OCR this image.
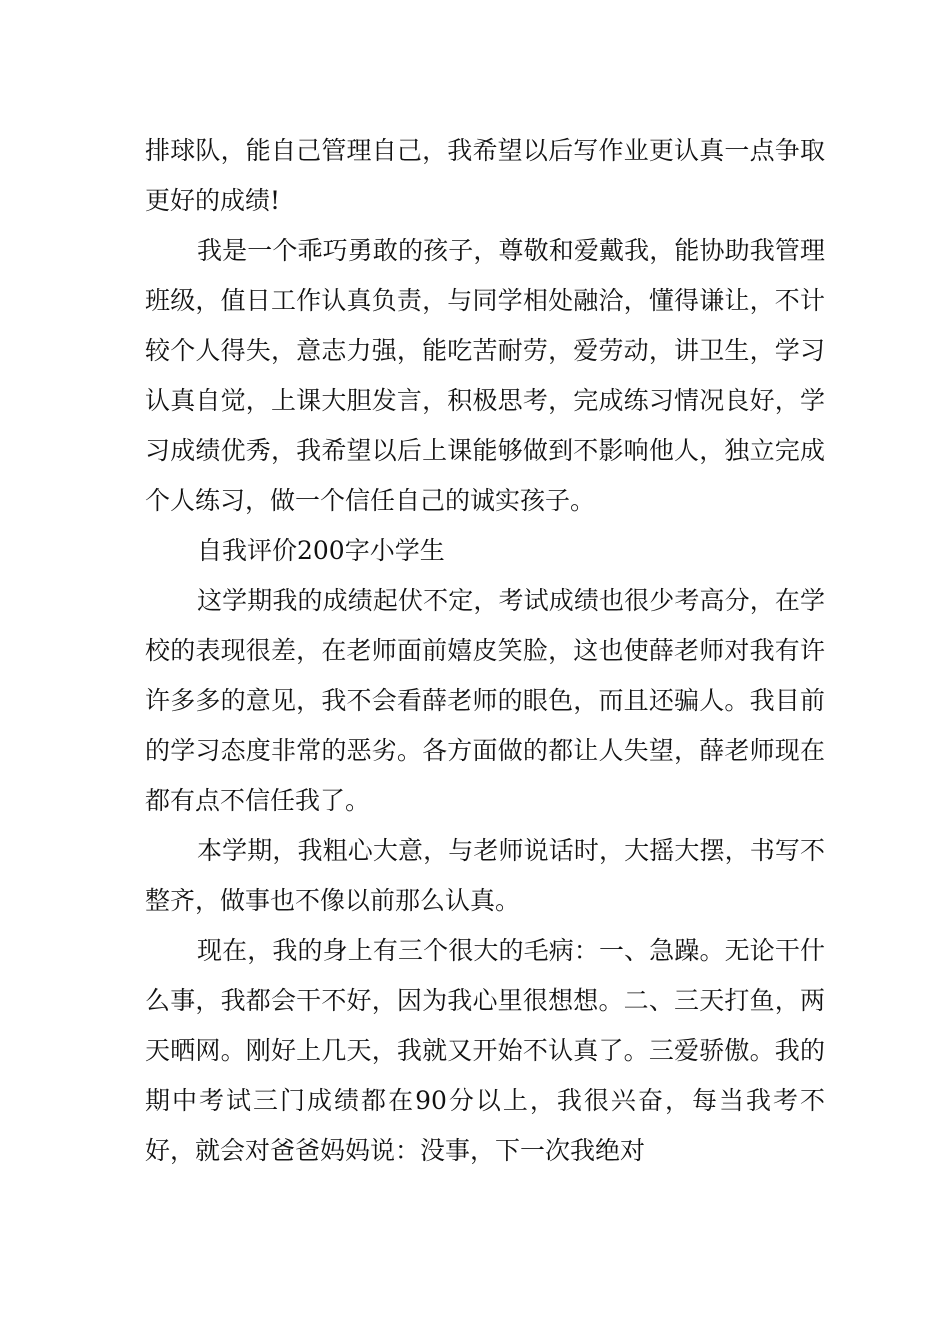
排球队，能自己管理自己，我希望以后写作业更认真一点争取更好的成绩!

我是一个乖巧勇敢的孩子，尊敬和爱戴我，能协助我管理班级，值日工作认真负责，与同学相处融洽，懂得谦让，不计较个人得失，意志力强，能吃苦耐劳，爱劳动，讲卫生，学习认真自觉，上课大胆发言，积极思考，完成练习情况良好，学习成绩优秀，我希望以后上课能够做到不影响他人，独立完成个人练习，做一个信任自己的诚实孩子。

自我评价200字小学生

这学期我的成绩起伏不定，考试成绩也很少考高分，在学校的表现很差，在老师面前嬉皮笑脸，这也使薛老师对我有许许多多的意见，我不会看薛老师的眼色，而且还骗人。我目前的学习态度非常的恶劣。各方面做的都让人失望，薛老师现在都有点不信任我了。

本学期，我粗心大意，与老师说话时，大摇大摆，书写不整齐，做事也不像以前那么认真。

现在，我的身上有三个很大的毛病：一、急躁。无论干什么事，我都会干不好，因为我心里很想想。二、三天打鱼，两天晒网。刚好上几天，我就又开始不认真了。三爱骄傲。我的期中考试三门成绩都在90分以上，我很兴奋，每当我考不好，就会对爸爸妈妈说：没事，下一次我绝对
